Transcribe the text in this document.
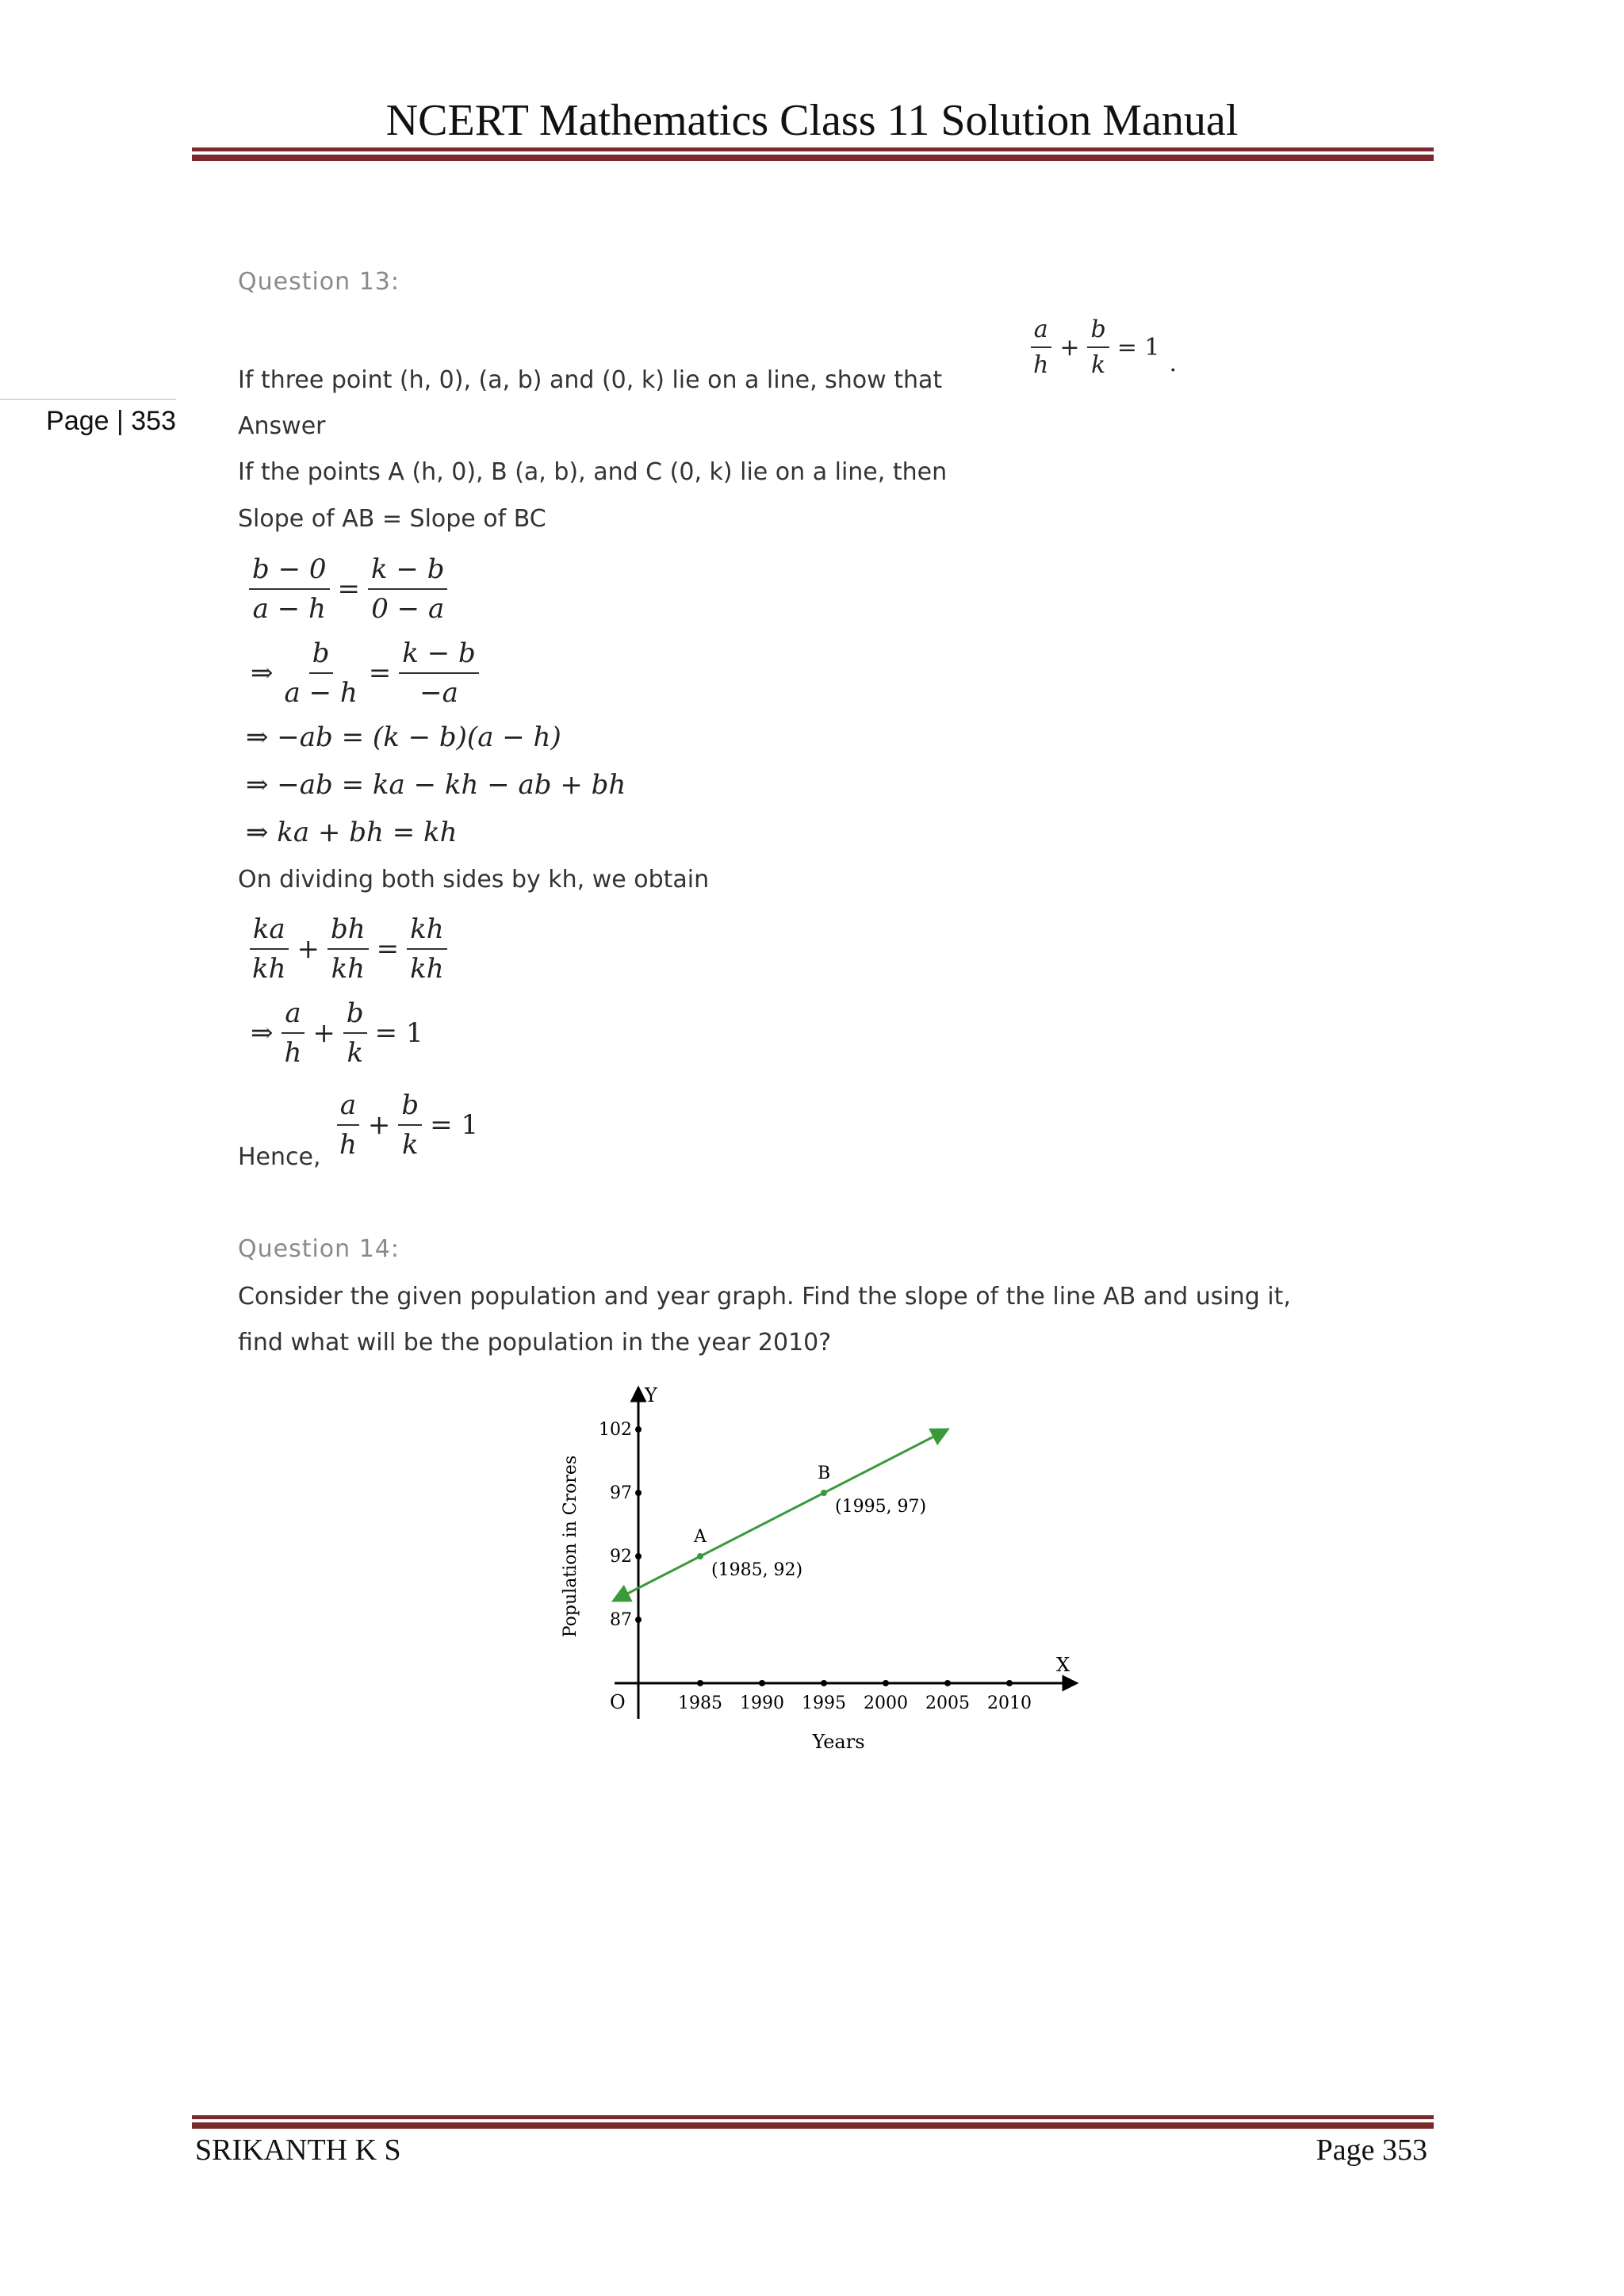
NCERT Mathematics Class 11 Solution Manual
Page | 353
Question 13:
If three point (h, 0), (a, b) and (0, k) lie on a line, show that
$\frac{a}{h} + \frac{b}{k} = 1$
.
Answer
If the points A (h, 0), B (a, b), and C (0, k) lie on a line, then
Slope of AB = Slope of BC
$\frac{b - 0}{a - h} = \frac{k - b}{0 - a}$
⇒ $\frac{b}{a - h} = \frac{k - b}{-a}$
⇒ −ab = (k − b)(a − h)
⇒ −ab = ka − kh − ab + bh
⇒ ka + bh = kh
On dividing both sides by kh, we obtain
$\frac{ka}{kh} + \frac{bh}{kh} = \frac{kh}{kh}$
⇒ $\frac{a}{h} + \frac{b}{k} = 1$
Hence, $\frac{a}{h} + \frac{b}{k} = 1$
Question 14:
Consider the given population and year graph. Find the slope of the line AB and using it,
find what will be the population in the year 2010?
Y
X
O	1985 1990 1995 2000 2005 2010
87
92
97
102
A
(1985, 92)
B
(1995, 97)
Years
Population in Crores
SRIKANTH K S	Page 353
